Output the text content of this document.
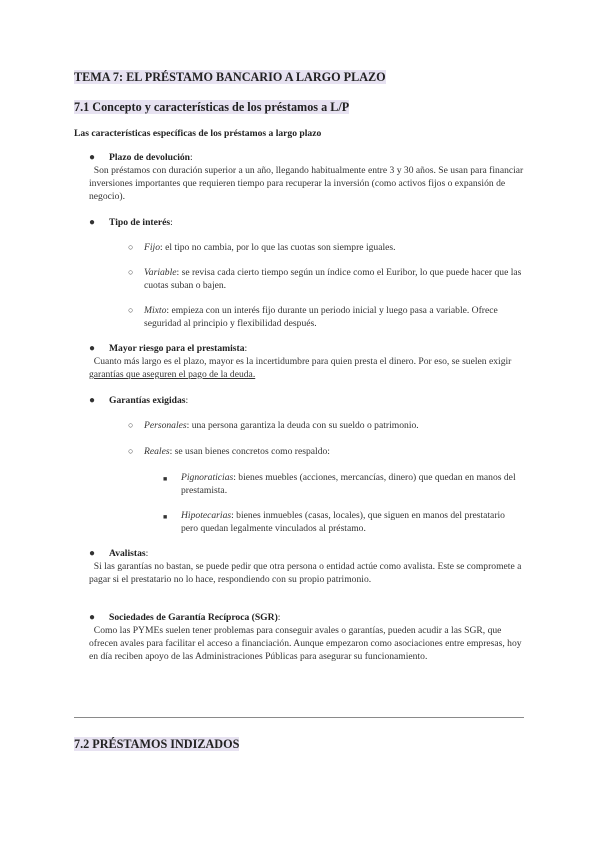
TEMA 7: EL PRÉSTAMO BANCARIO A LARGO PLAZO
7.1 Concepto y características de los préstamos a L/P

Las características específicas de los préstamos a largo plazo

●	Plazo de devolución:
Son préstamos con duración superior a un año, llegando habitualmente entre 3 y 30 años. Se usan para financiar inversiones importantes que requieren tiempo para recuperar la inversión (como activos fijos o expansión de negocio).
●	Tipo de interés:
○	Fijo: el tipo no cambia, por lo que las cuotas son siempre iguales.
○	Variable: se revisa cada cierto tiempo según un índice como el Euribor, lo que puede hacer que las cuotas suban o bajen.
○	Mixto: empieza con un interés fijo durante un periodo inicial y luego pasa a variable. Ofrece seguridad al principio y flexibilidad después.
●	Mayor riesgo para el prestamista:
Cuanto más largo es el plazo, mayor es la incertidumbre para quien presta el dinero. Por eso, se suelen exigir garantías que aseguren el pago de la deuda.
●	Garantías exigidas:
○	Personales: una persona garantiza la deuda con su sueldo o patrimonio.
○	Reales: se usan bienes concretos como respaldo:
■	Pignoraticias: bienes muebles (acciones, mercancías, dinero) que quedan en manos del prestamista.
■	Hipotecarias: bienes inmuebles (casas, locales), que siguen en manos del prestatario pero quedan legalmente vinculados al préstamo.
●	Avalistas:
Si las garantías no bastan, se puede pedir que otra persona o entidad actúe como avalista. Este se compromete a pagar si el prestatario no lo hace, respondiendo con su propio patrimonio.
●	Sociedades de Garantía Recíproca (SGR):
Como las PYMEs suelen tener problemas para conseguir avales o garantías, pueden acudir a las SGR, que ofrecen avales para facilitar el acceso a financiación. Aunque empezaron como asociaciones entre empresas, hoy en día reciben apoyo de las Administraciones Públicas para asegurar su funcionamiento.
7.2 PRÉSTAMOS INDIZADOS
